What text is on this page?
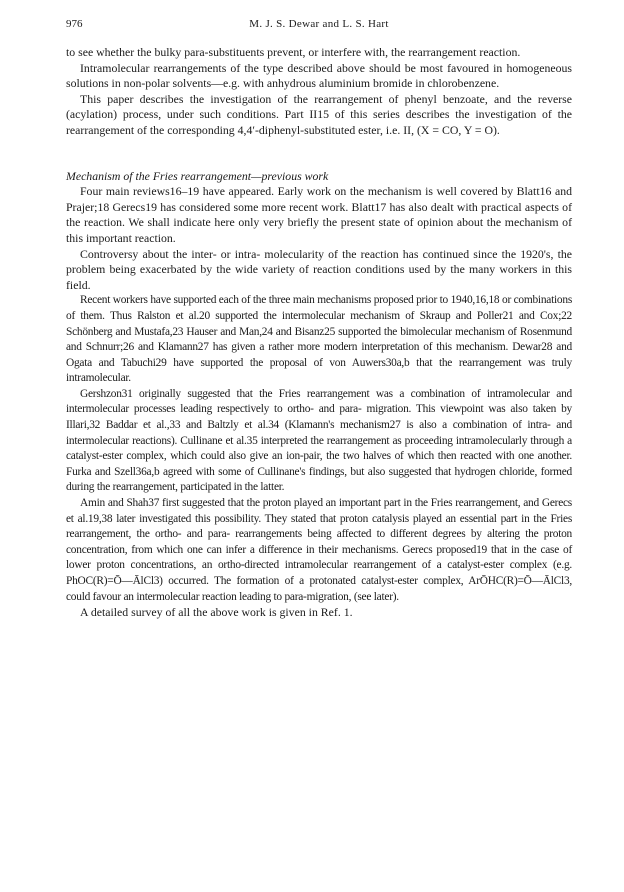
976	M. J. S. Dewar and L. S. Hart

to see whether the bulky para-substituents prevent, or interfere with, the rearrangement reaction.

Intramolecular rearrangements of the type described above should be most favoured in homogeneous solutions in non-polar solvents—e.g. with anhydrous aluminium bromide in chlorobenzene.

This paper describes the investigation of the rearrangement of phenyl benzoate, and the reverse (acylation) process, under such conditions. Part II15 of this series describes the investigation of the rearrangement of the corresponding 4,4′-diphenyl-substituted ester, i.e. II, (X = CO, Y = O).

Mechanism of the Fries rearrangement—previous work

Four main reviews16–19 have appeared. Early work on the mechanism is well covered by Blatt16 and Prajer;18 Gerecs19 has considered some more recent work. Blatt17 has also dealt with practical aspects of the reaction. We shall indicate here only very briefly the present state of opinion about the mechanism of this important reaction.

Controversy about the inter- or intra- molecularity of the reaction has continued since the 1920's, the problem being exacerbated by the wide variety of reaction conditions used by the many workers in this field.

Recent workers have supported each of the three main mechanisms proposed prior to 1940,16,18 or combinations of them. Thus Ralston et al.20 supported the intermolecular mechanism of Skraup and Poller21 and Cox;22 Schönberg and Mustafa,23 Hauser and Man,24 and Bisanz25 supported the bimolecular mechanism of Rosenmund and Schnurr;26 and Klamann27 has given a rather more modern interpretation of this mechanism. Dewar28 and Ogata and Tabuchi29 have supported the proposal of von Auwers30a,b that the rearrangement was truly intramolecular.

Gershzon31 originally suggested that the Fries rearrangement was a combination of intramolecular and intermolecular processes leading respectively to ortho- and para- migration. This viewpoint was also taken by Illari,32 Baddar et al.,33 and Baltzly et al.34 (Klamann's mechanism27 is also a combination of intra- and intermolecular reactions). Cullinane et al.35 interpreted the rearrangement as proceeding intramolecularly through a catalyst-ester complex, which could also give an ion-pair, the two halves of which then reacted with one another. Furka and Szell36a,b agreed with some of Cullinane's findings, but also suggested that hydrogen chloride, formed during the rearrangement, participated in the latter.

Amin and Shah37 first suggested that the proton played an important part in the Fries rearrangement, and Gerecs et al.19,38 later investigated this possibility. They stated that proton catalysis played an essential part in the Fries rearrangement, the ortho- and para- rearrangements being affected to different degrees by altering the proton concentration, from which one can infer a difference in their mechanisms. Gerecs proposed19 that in the case of lower proton concentrations, an ortho-directed intramolecular rearrangement of a catalyst-ester complex (e.g. PhOC(R)=Ō—ĀlCl3) occurred. The formation of a protonated catalyst-ester complex, ArŌHC(R)=Ō—ĀlCl3, could favour an intermolecular reaction leading to para-migration, (see later).

A detailed survey of all the above work is given in Ref. 1.
